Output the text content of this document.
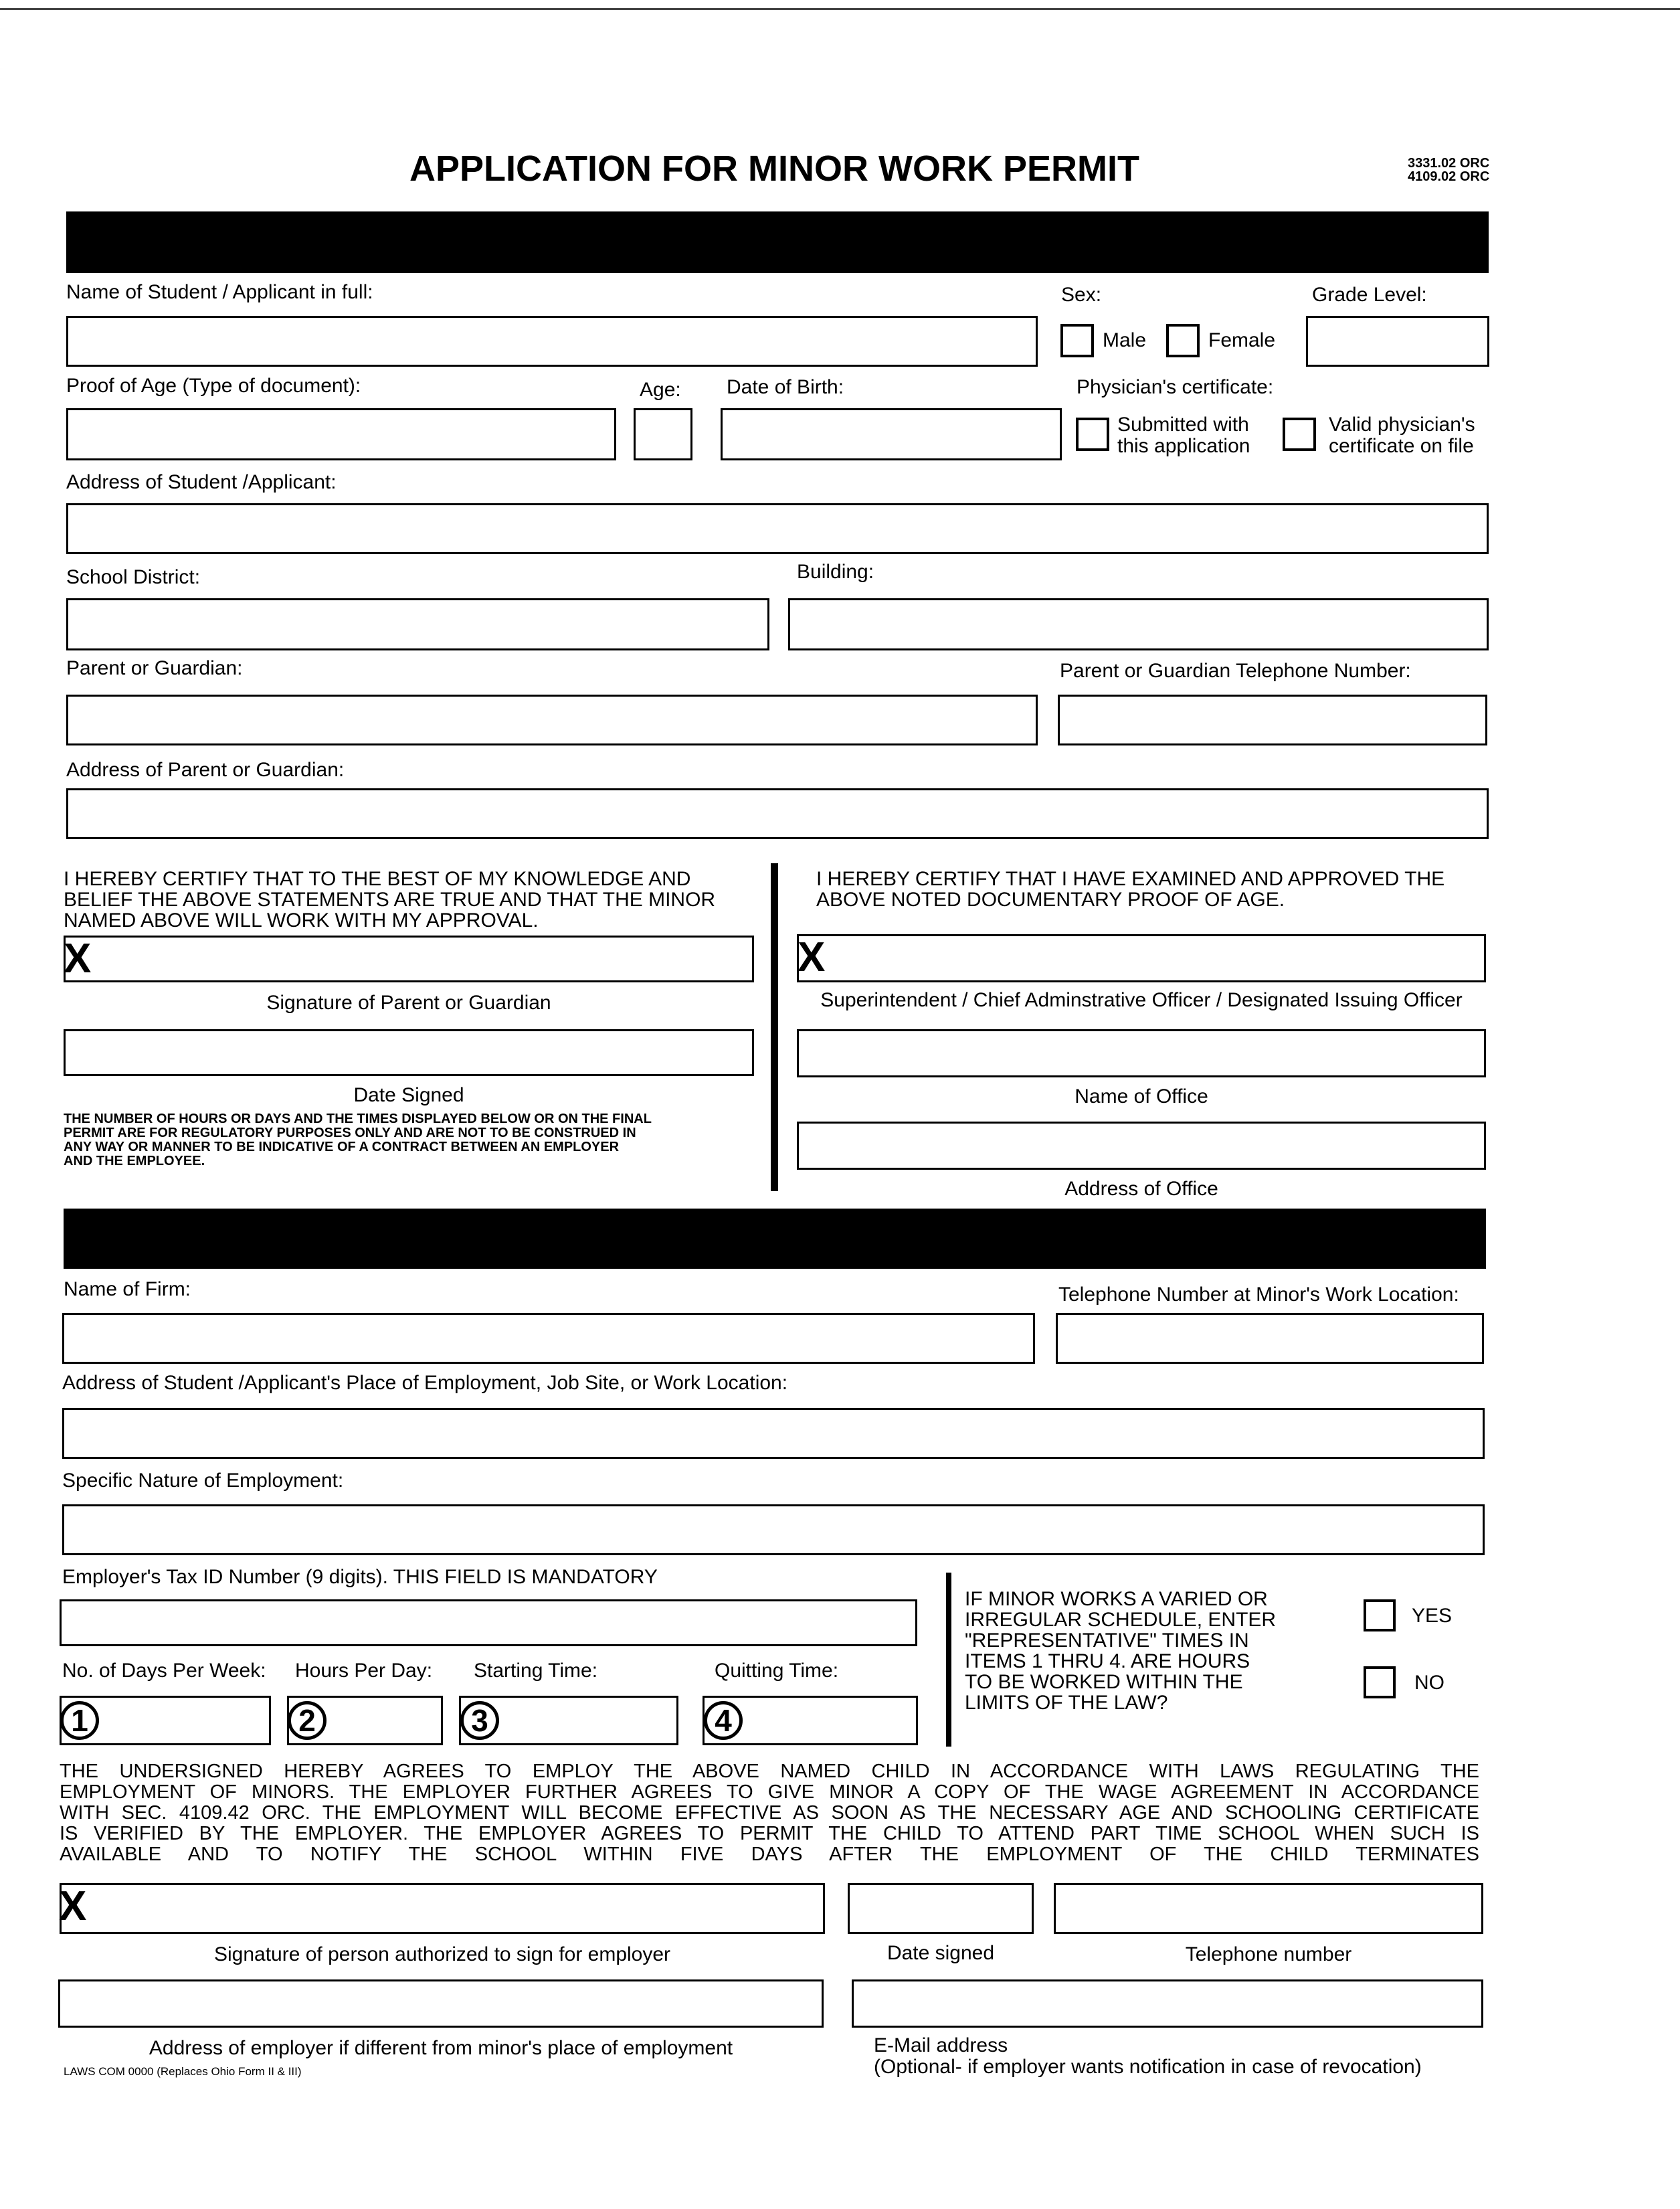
APPLICATION FOR MINOR WORK PERMIT	3331.02 ORC
4109.02 ORC
Name of Student / Applicant in full:	Sex:	Grade Level:
Male	Female
Proof of Age (Type of document):	Age: Date of Birth:	Physician's certificate:
Submitted with
this application
Valid physician's
certificate on file
Address of Student /Applicant:
School District:	Building:
Parent or Guardian:	Parent or Guardian Telephone Number:
Address of Parent or Guardian:
I HEREBY CERTIFY THAT TO THE BEST OF MY KNOWLEDGE AND
BELIEF THE ABOVE STATEMENTS ARE TRUE AND THAT THE MINOR
NAMED ABOVE WILL WORK WITH MY APPROVAL.
X
Signature of Parent or Guardian
Date Signed
THE NUMBER OF HOURS OR DAYS AND THE TIMES DISPLAYED BELOW OR ON THE FINAL
PERMIT ARE FOR REGULATORY PURPOSES ONLY AND ARE NOT TO BE CONSTRUED IN
ANY WAY OR MANNER TO BE INDICATIVE OF A CONTRACT BETWEEN AN EMPLOYER
AND THE EMPLOYEE.
I HEREBY CERTIFY THAT I HAVE EXAMINED AND APPROVED THE
ABOVE NOTED DOCUMENTARY PROOF OF AGE.
X
Superintendent / Chief Adminstrative Officer / Designated Issuing Officer
Name of Office
Address of Office
Name of Firm:	Telephone Number at Minor's Work Location:
Address of Student /Applicant's Place of Employment, Job Site, or Work Location:
Specific Nature of Employment:
Employer's Tax ID Number (9 digits). THIS FIELD IS MANDATORY
No. of Days Per Week: Hours Per Day: Starting Time:	Quitting Time:
1	2	3	4
IF MINOR WORKS A VARIED OR
IRREGULAR SCHEDULE, ENTER
"REPRESENTATIVE" TIMES IN
ITEMS 1 THRU 4. ARE HOURS
TO BE WORKED WITHIN THE
LIMITS OF THE LAW?
YES
NO
THE UNDERSIGNED HEREBY AGREES TO EMPLOY THE ABOVE NAMED CHILD IN ACCORDANCE WITH LAWS REGULATING THE
EMPLOYMENT OF MINORS. THE EMPLOYER FURTHER AGREES TO GIVE MINOR A COPY OF THE WAGE AGREEMENT IN ACCORDANCE
WITH SEC. 4109.42 ORC. THE EMPLOYMENT WILL BECOME EFFECTIVE AS SOON AS THE NECESSARY AGE AND SCHOOLING CERTIFICATE
IS VERIFIED BY THE EMPLOYER. THE EMPLOYER AGREES TO PERMIT THE CHILD TO ATTEND PART TIME SCHOOL WHEN SUCH IS
AVAILABLE AND TO NOTIFY THE SCHOOL WITHIN FIVE DAYS AFTER THE EMPLOYMENT OF THE CHILD TERMINATES
X
Signature of person authorized to sign for employer	Date signed	Telephone number
Address of employer if different from minor's place of employment	E-Mail address
(Optional- if employer wants notification in case of revocation)
LAWS COM 0000 (Replaces Ohio Form II & III)
